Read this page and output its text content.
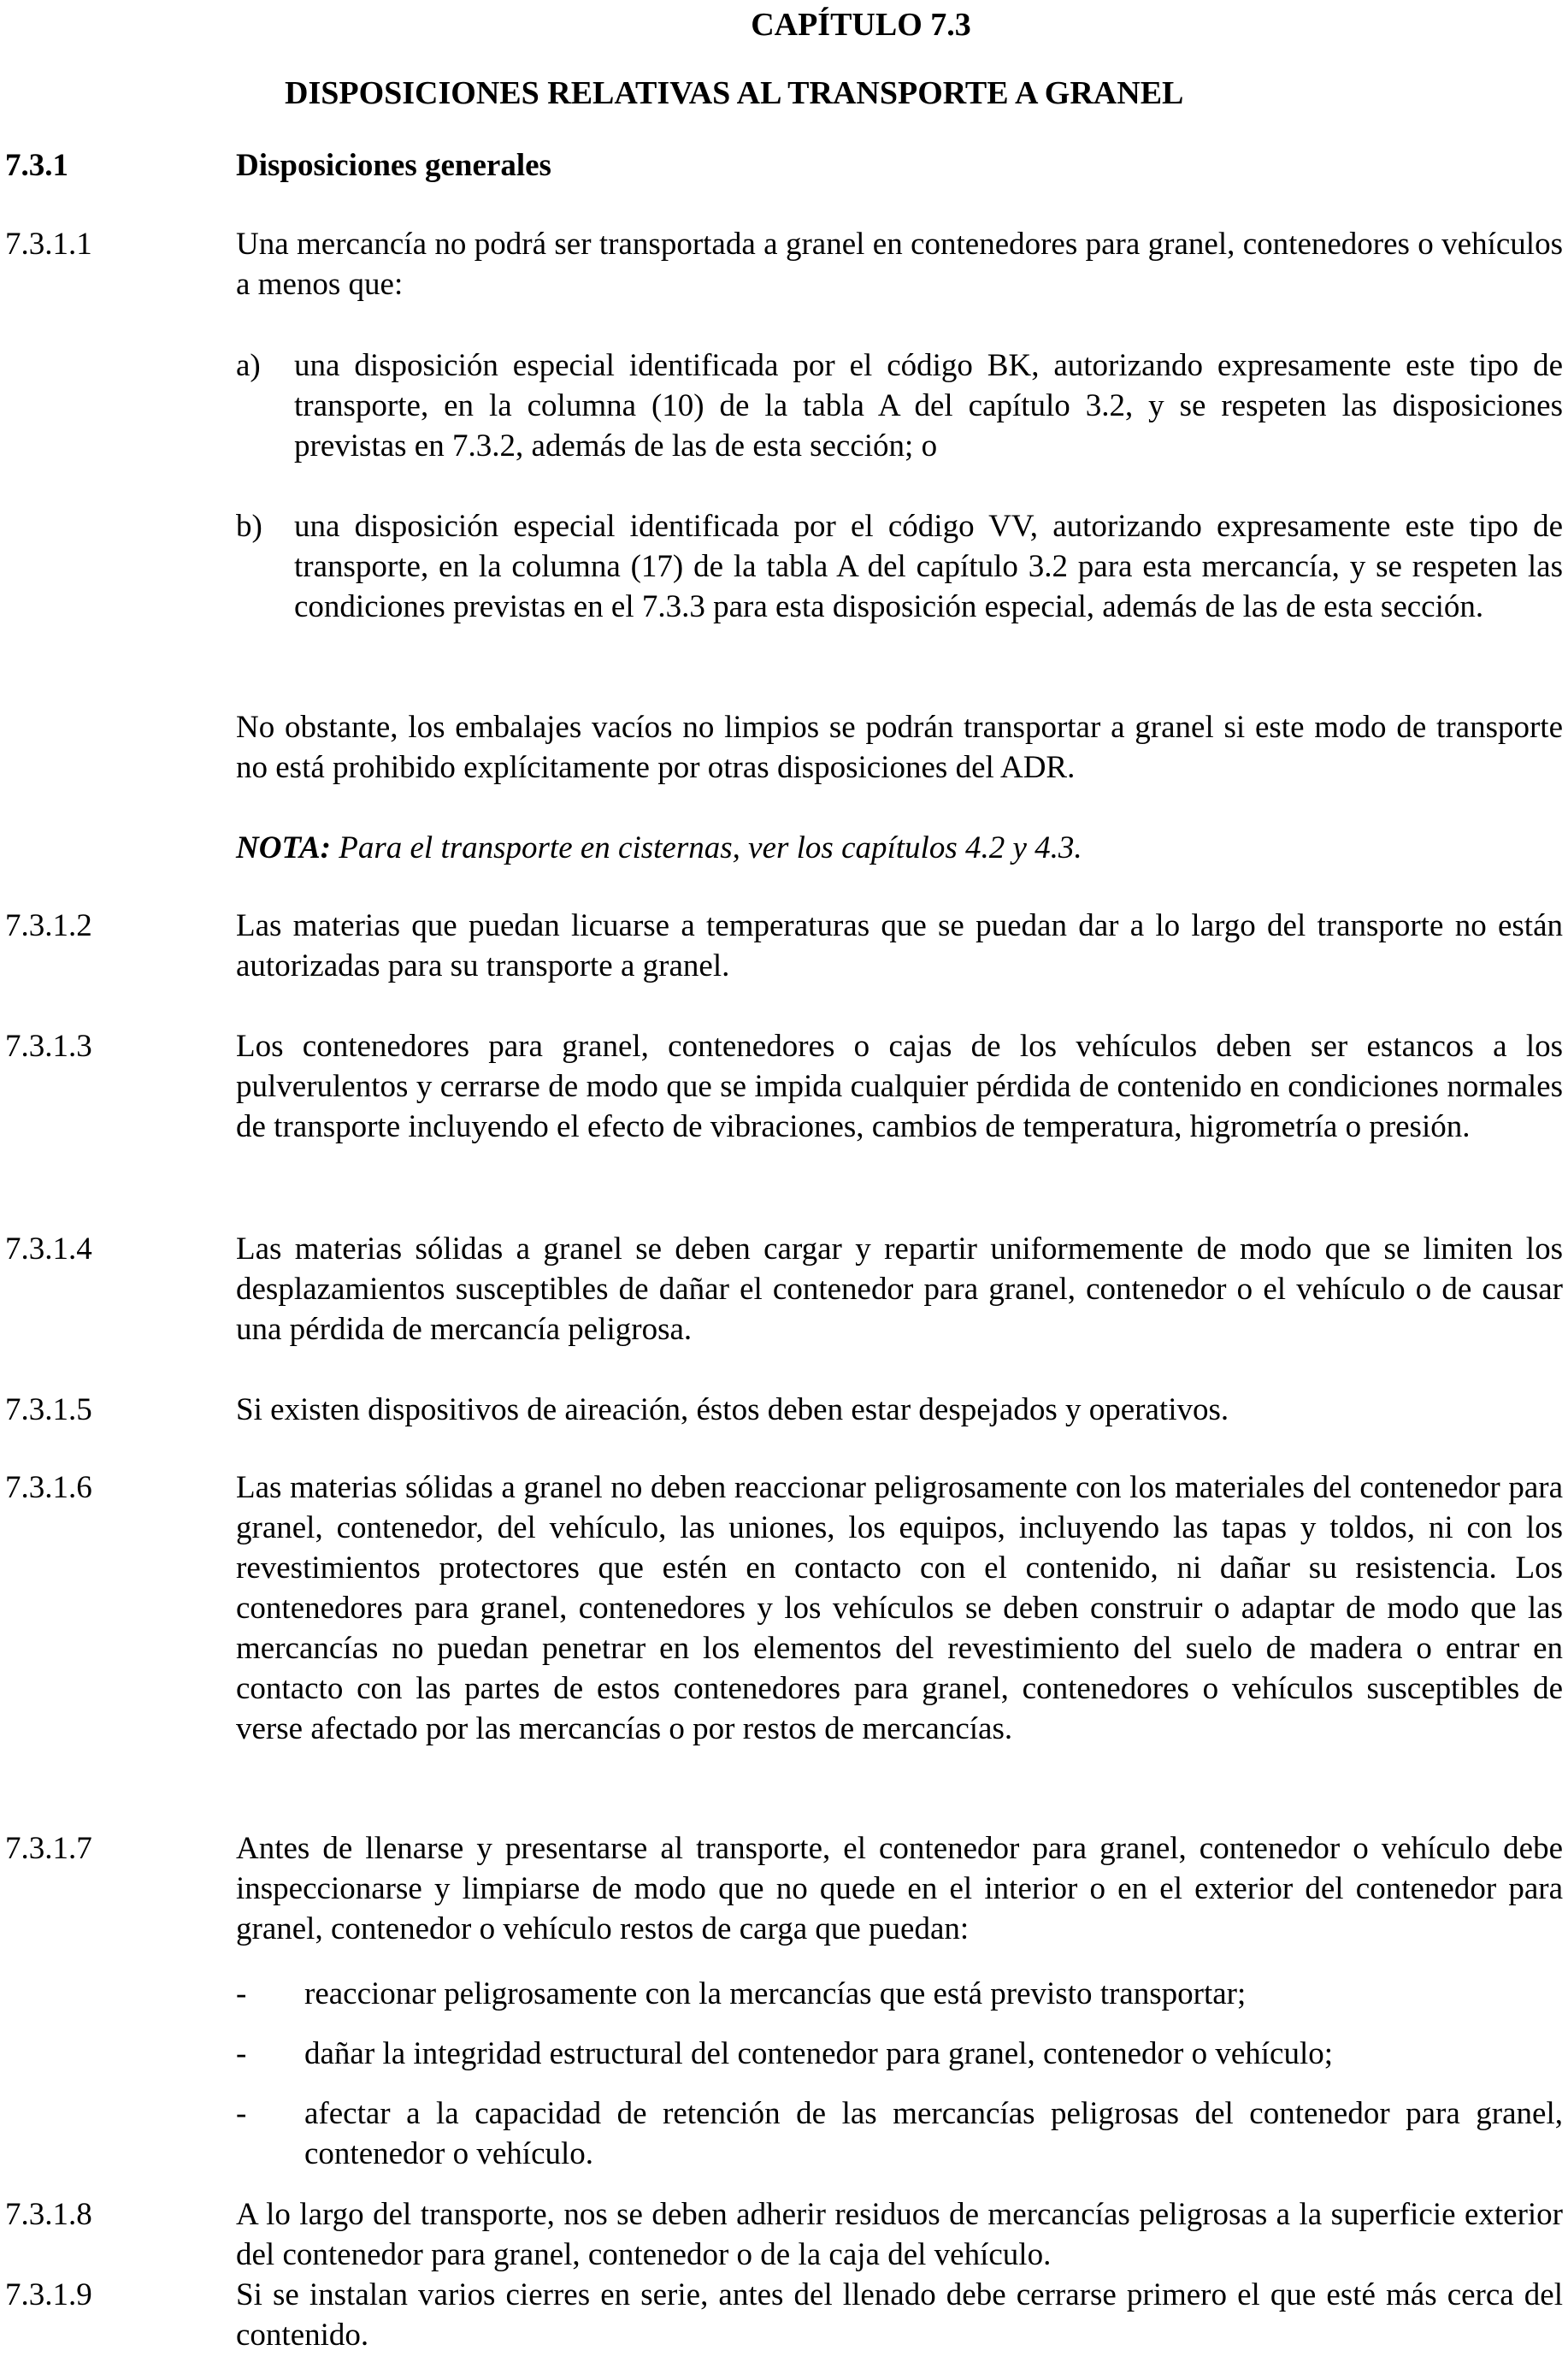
CAPÍTULO 7.3
DISPOSICIONES RELATIVAS AL TRANSPORTE A GRANEL
7.3.1	Disposiciones generales
7.3.1.1	Una mercancía no podrá ser transportada a granel en contenedores para granel, contenedores o vehículos a menos que:
a) una disposición especial identificada por el código BK, autorizando expresamente este tipo de transporte, en la columna (10) de la tabla A del capítulo 3.2, y se respeten las disposiciones previstas en 7.3.2, además de las de esta sección; o
b) una disposición especial identificada por el código VV, autorizando expresamente este tipo de transporte, en la columna (17) de la tabla A del capítulo 3.2 para esta mercancía, y se respeten las condiciones previstas en el 7.3.3 para esta disposición especial, además de las de esta sección.
No obstante, los embalajes vacíos no limpios se podrán transportar a granel si este modo de transporte no está prohibido explícitamente por otras disposiciones del ADR.
NOTA: Para el transporte en cisternas, ver los capítulos 4.2 y 4.3.
7.3.1.2	Las materias que puedan licuarse a temperaturas que se puedan dar a lo largo del transporte no están autorizadas para su transporte a granel.
7.3.1.3	Los contenedores para granel, contenedores o cajas de los vehículos deben ser estancos a los pulverulentos y cerrarse de modo que se impida cualquier pérdida de contenido en condiciones normales de transporte incluyendo el efecto de vibraciones, cambios de temperatura, higrometría o presión.
7.3.1.4	Las materias sólidas a granel se deben cargar y repartir uniformemente de modo que se limiten los desplazamientos susceptibles de dañar el contenedor para granel, contenedor o el vehículo o de causar una pérdida de mercancía peligrosa.
7.3.1.5	Si existen dispositivos de aireación, éstos deben estar despejados y operativos.
7.3.1.6	Las materias sólidas a granel no deben reaccionar peligrosamente con los materiales del contenedor para granel, contenedor, del vehículo, las uniones, los equipos, incluyendo las tapas y toldos, ni con los revestimientos protectores que estén en contacto con el contenido, ni dañar su resistencia. Los contenedores para granel, contenedores y los vehículos se deben construir o adaptar de modo que las mercancías no puedan penetrar en los elementos del revestimiento del suelo de madera o entrar en contacto con las partes de estos contenedores para granel, contenedores o vehículos susceptibles de verse afectado por las mercancías o por restos de mercancías.
7.3.1.7	Antes de llenarse y presentarse al transporte, el contenedor para granel, contenedor o vehículo debe inspeccionarse y limpiarse de modo que no quede en el interior o en el exterior del contenedor para granel, contenedor o vehículo restos de carga que puedan:
- reaccionar peligrosamente con la mercancías que está previsto transportar;
- dañar la integridad estructural del contenedor para granel, contenedor o vehículo;
- afectar a la capacidad de retención de las mercancías peligrosas del contenedor para granel, contenedor o vehículo.
7.3.1.8	A lo largo del transporte, nos se deben adherir residuos de mercancías peligrosas a la superficie exterior del contenedor para granel, contenedor o de la caja del vehículo.
7.3.1.9	Si se instalan varios cierres en serie, antes del llenado debe cerrarse primero el que esté más cerca del contenido.
